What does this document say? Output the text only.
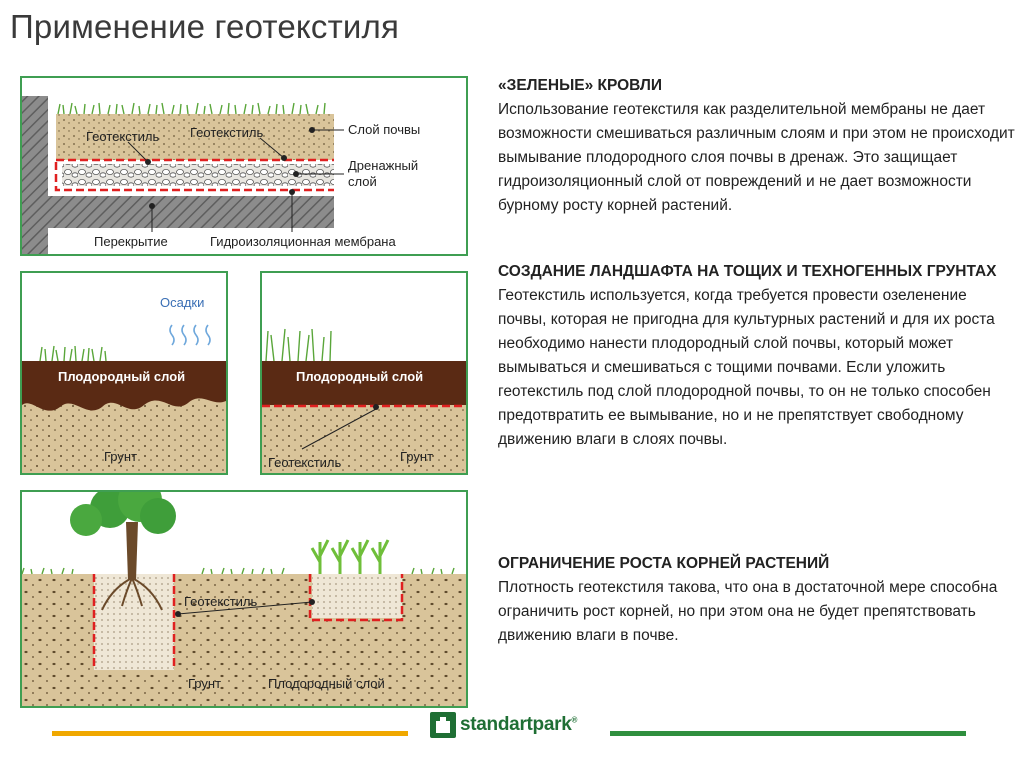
Применение геотекстиля
Геотекстиль Геотекстиль	Слой почвы
Дренажный
слой
Перекрытие	Гидроизоляционная мембрана
Осадки
Плодородный слой
Грунт
Плодородный слой
Геотекстиль	Грунт
Геотекстиль
Грунт	Плодородный слой
«ЗЕЛЕНЫЕ» КРОВЛИ

Использование геотекстиля как разделительной мембраны не дает возможности смешиваться различным слоям и при этом не происходит вымывание плодородного слоя почвы в дренаж. Это защищает гидроизоляционный слой от повреждений и не дает возможности бурному росту корней растений.

СОЗДАНИЕ ЛАНДШАФТА НА ТОЩИХ И ТЕХНОГЕННЫХ ГРУНТАХ

Геотекстиль используется, когда требуется провести озеленение почвы, которая не пригодна для культурных растений и для их роста необходимо нанести плодородный слой почвы, который может вымываться и смешиваться с тощими почвами. Если уложить геотекстиль под слой плодородной почвы, то он не только способен предотвратить ее вымывание, но и не препятствует свободному движению влаги в слоях почвы.

ОГРАНИЧЕНИЕ РОСТА КОРНЕЙ РАСТЕНИЙ

Плотность геотекстиля такова, что она в достаточной мере способна ограничить рост корней, но при этом она не будет препятствовать движению влаги в почве.

standartpark®
